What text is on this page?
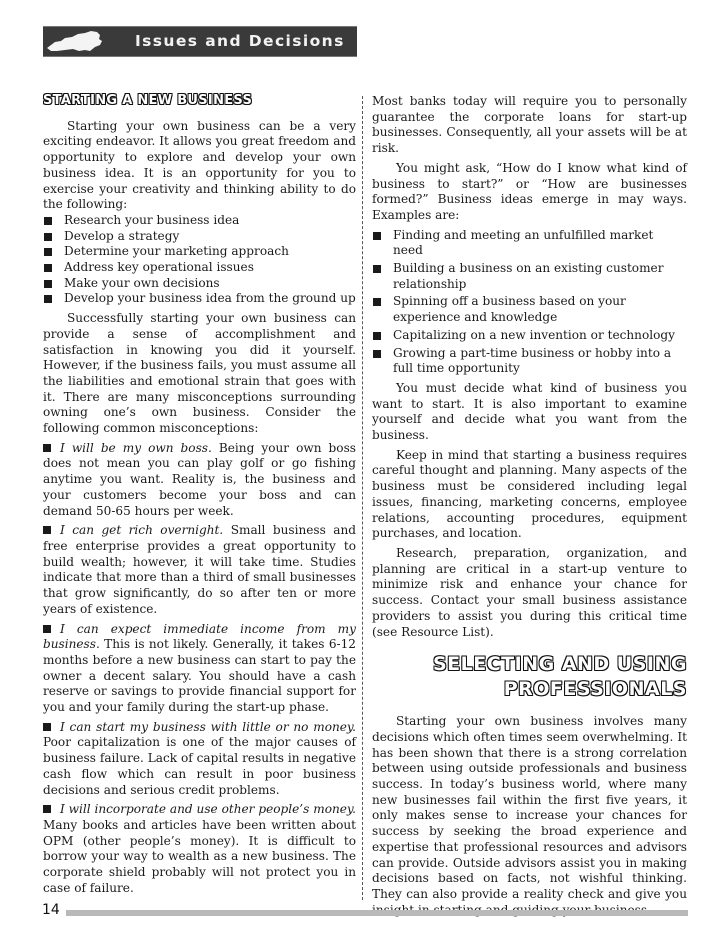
Issues and Decisions
STARTING A NEW BUSINESS

Starting your own business can be a very exciting endeavor. It allows you great freedom and opportunity to explore and develop your own business idea. It is an opportunity for you to exercise your creativity and thinking ability to do the following:

Research your business idea
Develop a strategy
Determine your marketing approach
Address key operational issues
Make your own decisions
Develop your business idea from the ground up

Successfully starting your own business can provide a sense of accomplishment and satisfaction in knowing you did it yourself. However, if the business fails, you must assume all the liabilities and emotional strain that goes with it. There are many misconceptions surrounding owning one’s own business. Consider the following common misconceptions:

I will be my own boss. Being your own boss does not mean you can play golf or go fishing anytime you want. Reality is, the business and your customers become your boss and can demand 50-65 hours per week.

I can get rich overnight. Small business and free enterprise provides a great opportunity to build wealth; however, it will take time. Studies indicate that more than a third of small businesses that grow significantly, do so after ten or more years of existence.

I can expect immediate income from my business. This is not likely. Generally, it takes 6-12 months before a new business can start to pay the owner a decent salary. You should have a cash reserve or savings to provide financial support for you and your family during the start-up phase.

I can start my business with little or no money. Poor capitalization is one of the major causes of business failure. Lack of capital results in negative cash flow which can result in poor business decisions and serious credit problems.

I will incorporate and use other people’s money. Many books and articles have been written about OPM (other people’s money). It is difficult to borrow your way to wealth as a new business. The corporate shield probably will not protect you in case of failure.

Most banks today will require you to personally guarantee the corporate loans for start-up businesses. Consequently, all your assets will be at risk.

You might ask, “How do I know what kind of business to start?” or “How are businesses formed?” Business ideas emerge in may ways. Examples are:

Finding and meeting an unfulfilled market need
Building a business on an existing customer relationship
Spinning off a business based on your experience and knowledge
Capitalizing on a new invention or technology
Growing a part-time business or hobby into a full time opportunity

You must decide what kind of business you want to start. It is also important to examine yourself and decide what you want from the business.

Keep in mind that starting a business requires careful thought and planning. Many aspects of the business must be considered including legal issues, financing, marketing concerns, employee relations, accounting procedures, equipment purchases, and location.

Research, preparation, organization, and planning are critical in a start-up venture to minimize risk and enhance your chance for success. Contact your small business assistance providers to assist you during this critical time (see Resource List).

SELECTING AND USING
PROFESSIONALS

Starting your own business involves many decisions which often times seem overwhelming. It has been shown that there is a strong correlation between using outside professionals and business success. In today’s business world, where many new businesses fail within the first five years, it only makes sense to increase your chances for success by seeking the broad experience and expertise that professional resources and advisors can provide. Outside advisors assist you in making decisions based on facts, not wishful thinking. They can also provide a reality check and give you

14
